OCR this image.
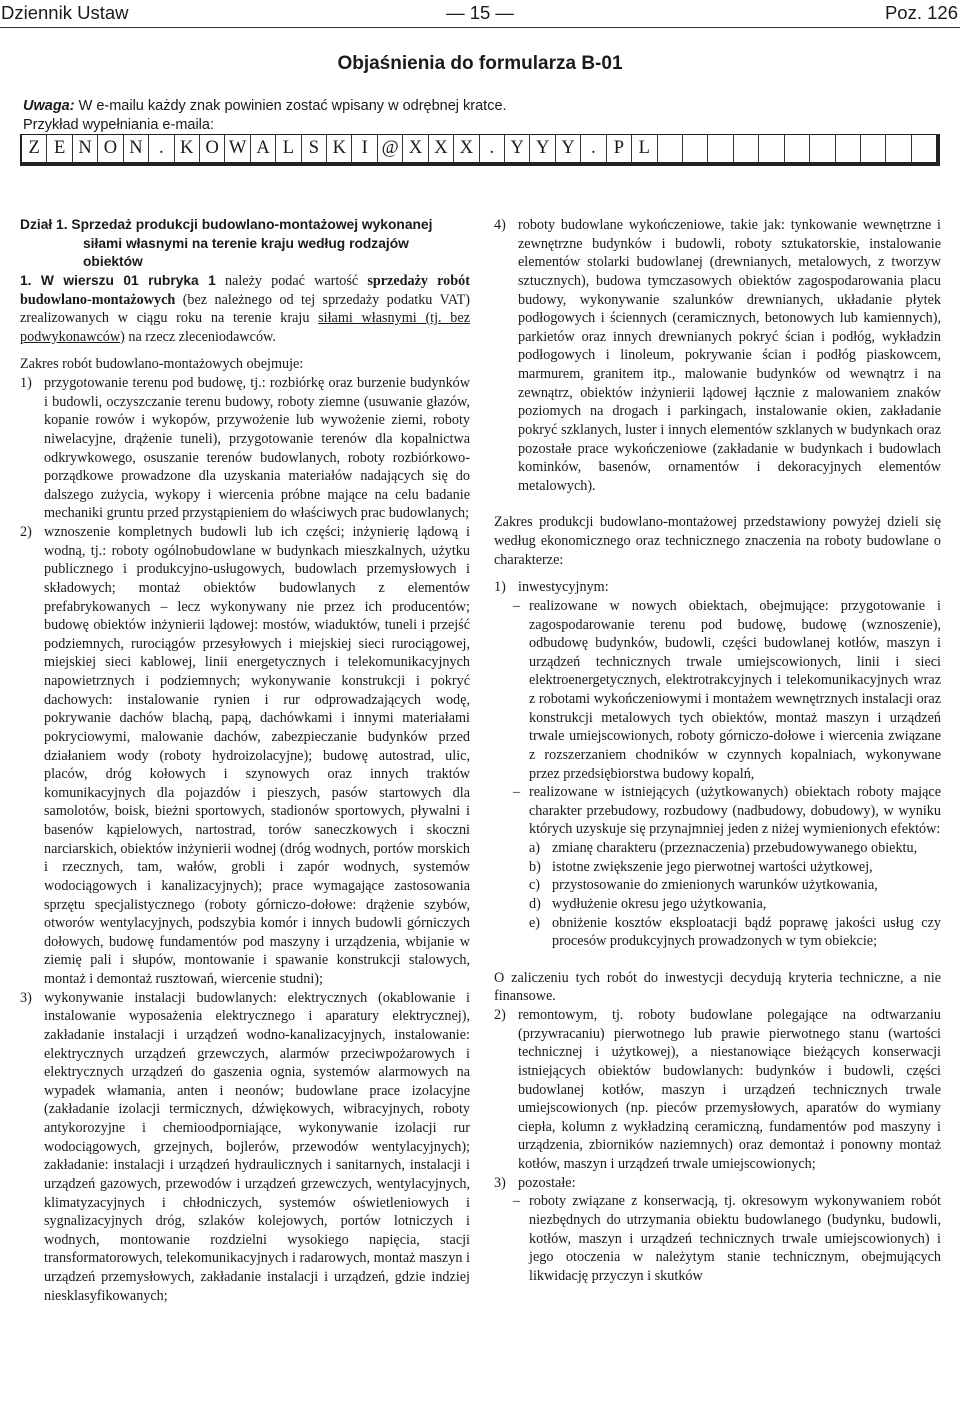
Dziennik Ustaw	— 15 —	Poz. 126
Objaśnienia do formularza B-01
Uwaga: W e-mailu każdy znak powinien zostać wpisany w odrębnej kratce.
Przykład wypełniania e-maila:
Z E N O N . K O W A L S K I @ X X X . Y Y Y . P L

Dział 1. Sprzedaż produkcji budowlano-montażowej wykonanej siłami własnymi na terenie kraju według rodzajów obiektów

1. W wierszu 01 rubryka 1 należy podać wartość sprzedaży robót budowlano-montażowych (bez należnego od tej sprzedaży podatku VAT) zrealizowanych w ciągu roku na terenie kraju siłami własnymi (tj. bez podwykonawców) na rzecz zleceniodawców.

Zakres robót budowlano-montażowych obejmuje:

1) przygotowanie terenu pod budowę, tj.: rozbiórkę oraz burzenie budynków i budowli, oczyszczanie terenu budowy, roboty ziemne (usuwanie głazów, kopanie rowów i wykopów, przywożenie lub wywożenie ziemi, roboty niwelacyjne, drążenie tuneli), przygotowanie terenów dla kopalnictwa odkrywkowego, osuszanie terenów budowlanych, roboty rozbiórkowo-porządkowe prowadzone dla uzyskania materiałów nadających się do dalszego zużycia, wykopy i wiercenia próbne mające na celu badanie mechaniki gruntu przed przystąpieniem do właściwych prac budowlanych;

2) wznoszenie kompletnych budowli lub ich części; inżynierię lądową i wodną, tj.: roboty ogólnobudowlane w budynkach mieszkalnych, użytku publicznego i produkcyjno-usługowych, budowlach przemysłowych i składowych; montaż obiektów budowlanych z elementów prefabrykowanych – lecz wykonywany nie przez ich producentów; budowę obiektów inżynierii lądowej: mostów, wiaduktów, tuneli i przejść podziemnych, rurociągów przesyłowych i miejskiej sieci rurociągowej, miejskiej sieci kablowej, linii energetycznych i telekomunikacyjnych napowietrznych i podziemnych; wykonywanie konstrukcji i pokryć dachowych: instalowanie rynien i rur odprowadzających wodę, pokrywanie dachów blachą, papą, dachówkami i innymi materiałami pokryciowymi, malowanie dachów, zabezpieczanie budynków przed działaniem wody (roboty hydroizolacyjne); budowę autostrad, ulic, placów, dróg kołowych i szynowych oraz innych traktów komunikacyjnych dla pojazdów i pieszych, pasów startowych dla samolotów, boisk, bieżni sportowych, stadionów sportowych, pływalni i basenów kąpielowych, nartostrad, torów saneczkowych i skoczni narciarskich, obiektów inżynierii wodnej (dróg wodnych, portów morskich i rzecznych, tam, wałów, grobli i zapór wodnych, systemów wodociągowych i kanalizacyjnych); prace wymagające zastosowania sprzętu specjalistycznego (roboty górniczo-dołowe: drążenie szybów, otworów wentylacyjnych, podszybia komór i innych budowli górniczych dołowych, budowę fundamentów pod maszyny i urządzenia, wbijanie w ziemię pali i słupów, montowanie i spawanie konstrukcji stalowych, montaż i demontaż rusztowań, wiercenie studni);

3) wykonywanie instalacji budowlanych: elektrycznych (okablowanie i instalowanie wyposażenia elektrycznego i aparatury elektrycznej), zakładanie instalacji i urządzeń wodno-kanalizacyjnych, instalowanie: elektrycznych urządzeń grzewczych, alarmów przeciwpożarowych i elektrycznych urządzeń do gaszenia ognia, systemów alarmowych na wypadek włamania, anten i neonów; budowlane prace izolacyjne (zakładanie izolacji termicznych, dźwiękowych, wibracyjnych, roboty antykorozyjne i chemioodporniające, wykonywanie izolacji rur wodociągowych, grzejnych, bojlerów, przewodów wentylacyjnych); zakładanie: instalacji i urządzeń hydraulicznych i sanitarnych, instalacji i urządzeń gazowych, przewodów i urządzeń grzewczych, wentylacyjnych, klimatyzacyjnych i chłodniczych, systemów oświetleniowych i sygnalizacyjnych dróg, szlaków kolejowych, portów lotniczych i wodnych, montowanie rozdzielni wysokiego napięcia, stacji transformatorowych, telekomunikacyjnych i radarowych, montaż maszyn i urządzeń przemysłowych, zakładanie instalacji i urządzeń, gdzie indziej niesklasyfikowanych;

4) roboty budowlane wykończeniowe, takie jak: tynkowanie wewnętrzne i zewnętrzne budynków i budowli, roboty sztukatorskie, instalowanie elementów stolarki budowlanej (drewnianych, metalowych, z tworzyw sztucznych), budowa tymczasowych obiektów zagospodarowania placu budowy, wykonywanie szalunków drewnianych, układanie płytek podłogowych i ściennych (ceramicznych, betonowych lub kamiennych), parkietów oraz innych drewnianych pokryć ścian i podłóg, wykładzin podłogowych i linoleum, pokrywanie ścian i podłóg piaskowcem, marmurem, granitem itp., malowanie budynków od wewnątrz i na zewnątrz, obiektów inżynierii lądowej łącznie z malowaniem znaków poziomych na drogach i parkingach, instalowanie okien, zakładanie pokryć szklanych, luster i innych elementów szklanych w budynkach oraz pozostałe prace wykończeniowe (zakładanie w budynkach i budowlach kominków, basenów, ornamentów i dekoracyjnych elementów metalowych).

Zakres produkcji budowlano-montażowej przedstawiony powyżej dzieli się według ekonomicznego oraz technicznego znaczenia na roboty budowlane o charakterze:

1) inwestycyjnym:

– realizowane w nowych obiektach, obejmujące: przygotowanie i zagospodarowanie terenu pod budowę, budowę (wznoszenie), odbudowę budynków, budowli, części budowlanej kotłów, maszyn i urządzeń technicznych trwale umiejscowionych, linii i sieci elektroenergetycznych, elektrotrakcyjnych i telekomunikacyjnych wraz z robotami wykończeniowymi i montażem wewnętrznych instalacji oraz konstrukcji metalowych tych obiektów, montaż maszyn i urządzeń trwale umiejscowionych, roboty górniczo-dołowe i wiercenia związane z rozszerzaniem chodników w czynnych kopalniach, wykonywane przez przedsiębiorstwa budowy kopalń,

– realizowane w istniejących (użytkowanych) obiektach roboty mające charakter przebudowy, rozbudowy (nadbudowy, dobudowy), w wyniku których uzyskuje się przynajmniej jeden z niżej wymienionych efektów:

a) zmianę charakteru (przeznaczenia) przebudowywanego obiektu,

b) istotne zwiększenie jego pierwotnej wartości użytkowej,

c) przystosowanie do zmienionych warunków użytkowania,

d) wydłużenie okresu jego użytkowania,

e) obniżenie kosztów eksploatacji bądź poprawę jakości usług czy procesów produkcyjnych prowadzonych w tym obiekcie;

O zaliczeniu tych robót do inwestycji decydują kryteria techniczne, a nie finansowe.

2) remontowym, tj. roboty budowlane polegające na odtwarzaniu (przywracaniu) pierwotnego lub prawie pierwotnego stanu (wartości technicznej i użytkowej), a niestanowiące bieżących konserwacji istniejących obiektów budowlanych: budynków i budowli, części budowlanej kotłów, maszyn i urządzeń technicznych trwale umiejscowionych (np. pieców przemysłowych, aparatów do wymiany ciepła, kolumn z wykładziną ceramiczną, fundamentów pod maszyny i urządzenia, zbiorników naziemnych) oraz demontaż i ponowny montaż kotłów, maszyn i urządzeń trwale umiejscowionych;

3) pozostałe:

– roboty związane z konserwacją, tj. okresowym wykonywaniem robót niezbędnych do utrzymania obiektu budowlanego (budynku, budowli, kotłów, maszyn i urządzeń technicznych trwale umiejscowionych) i jego otoczenia w należytym stanie technicznym, obejmujących likwidację przyczyn i skutków
